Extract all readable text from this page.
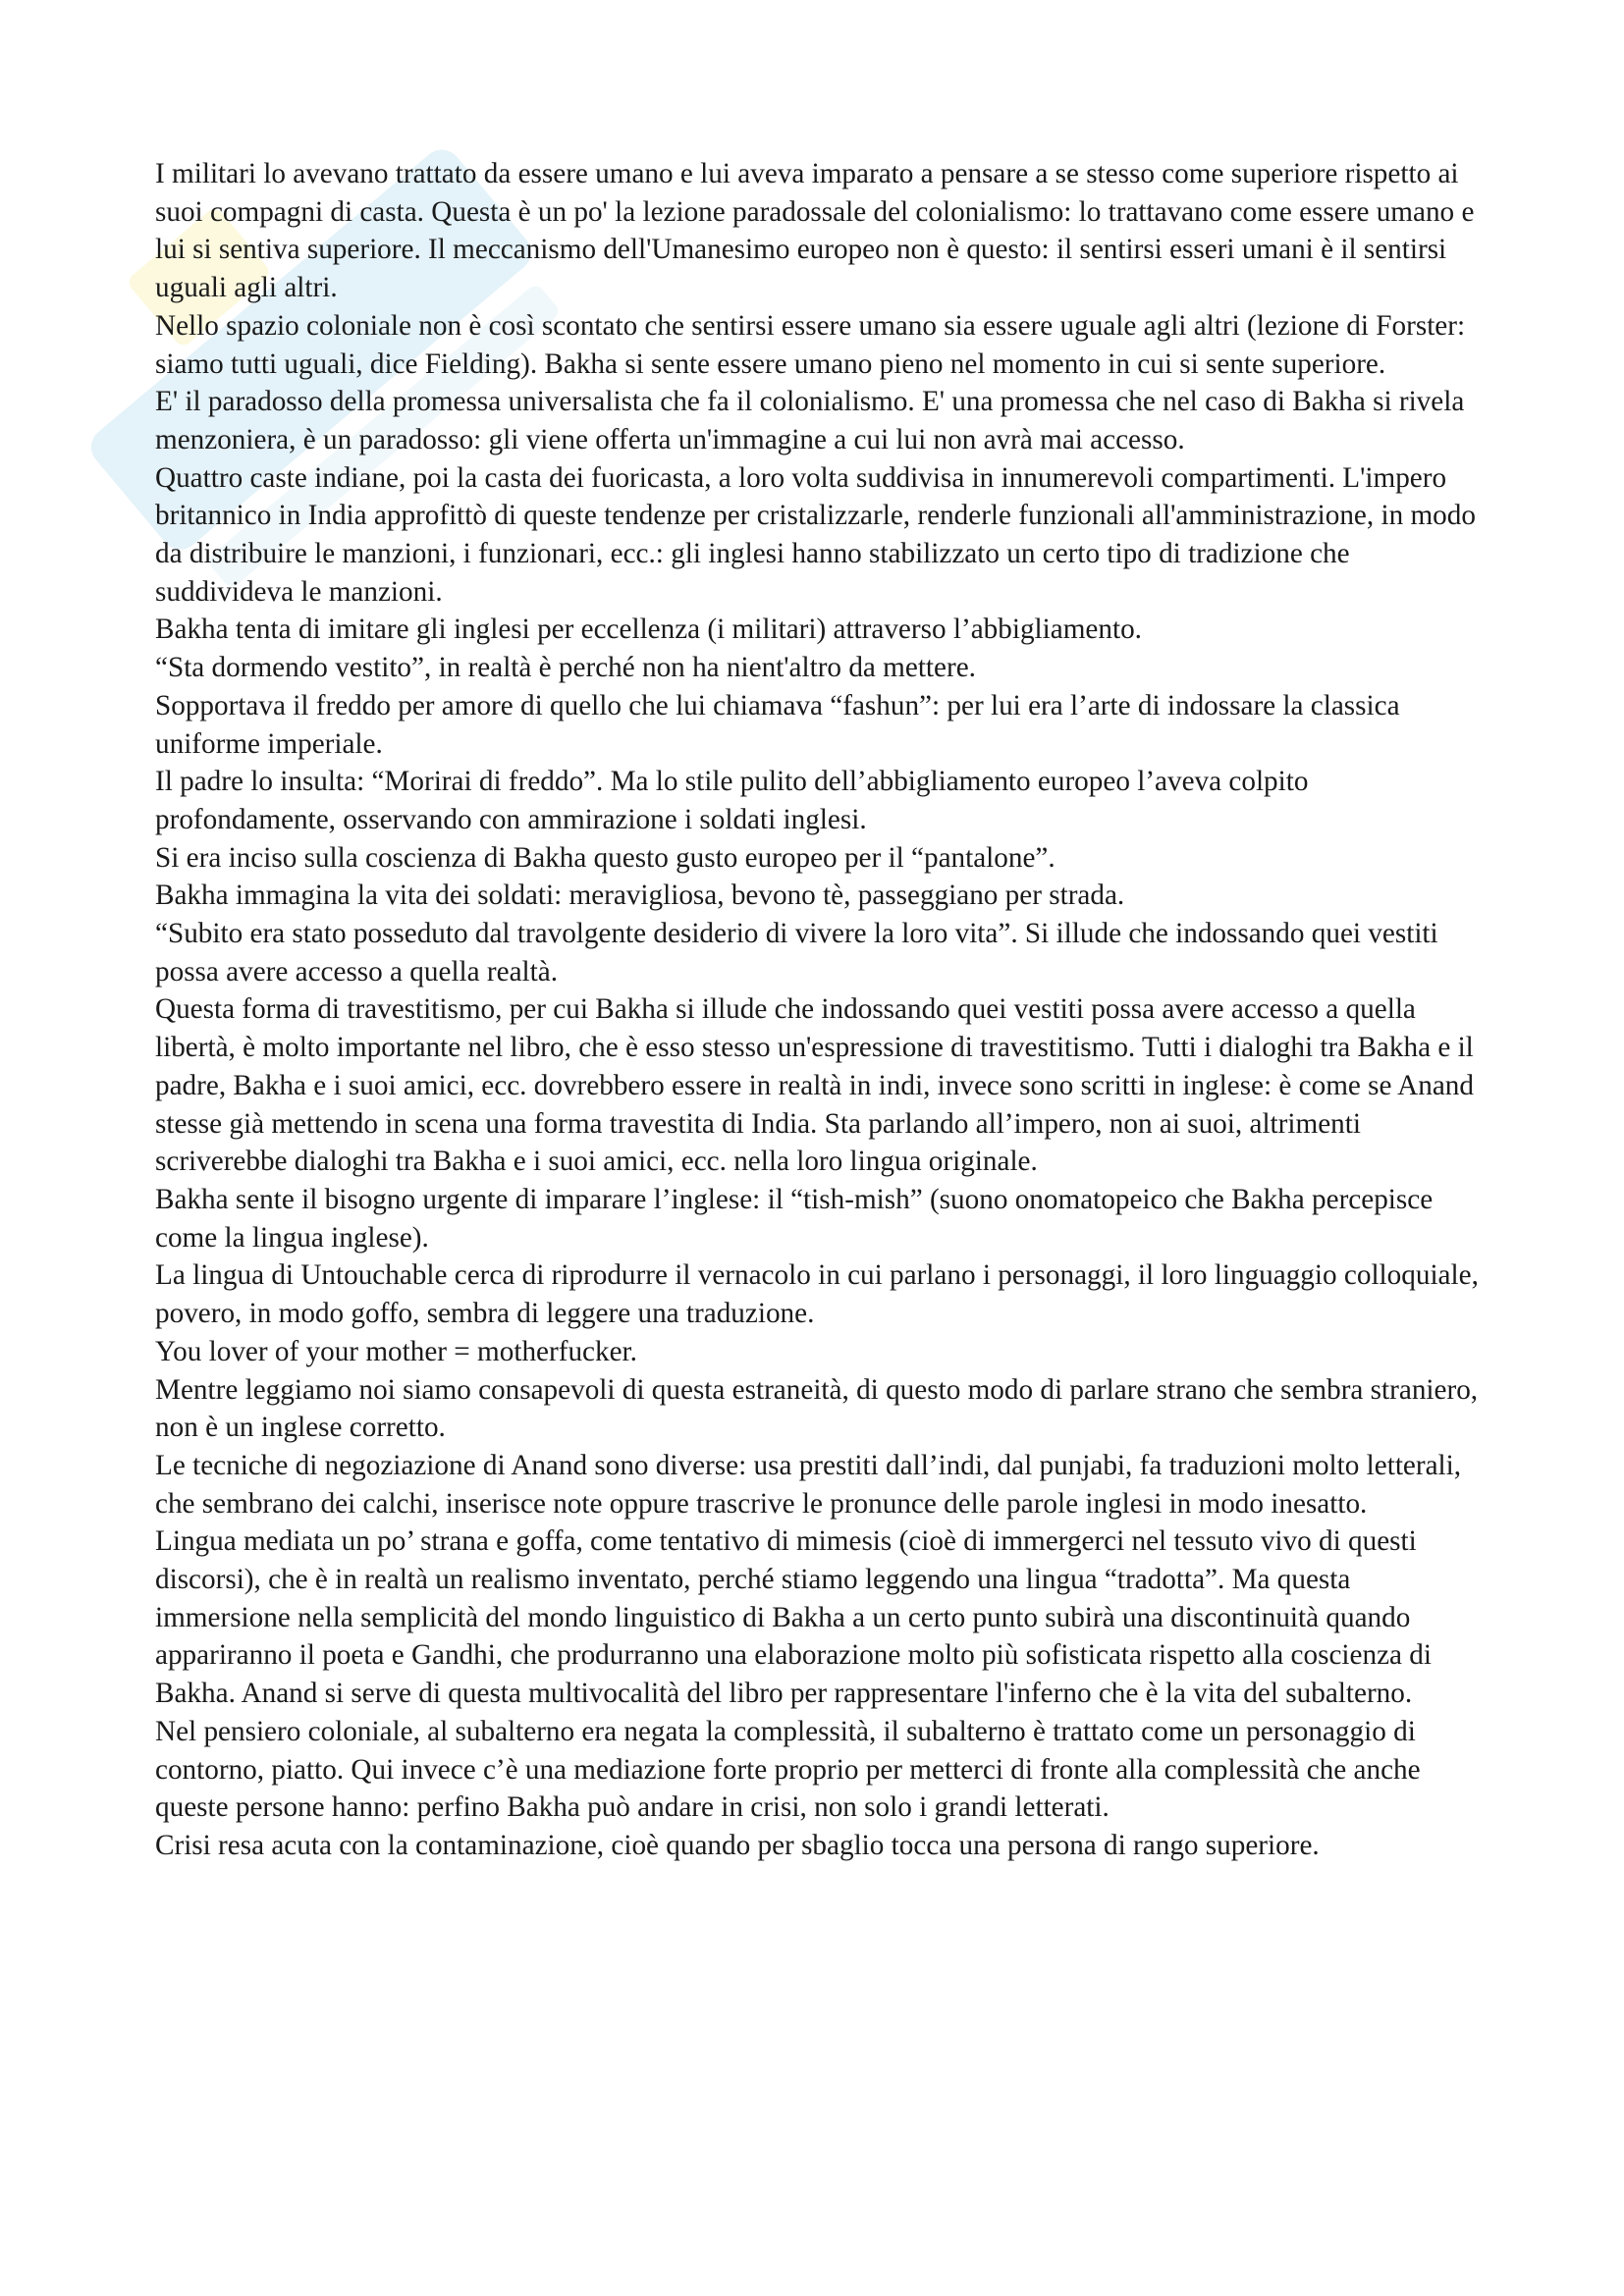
I militari lo avevano trattato da essere umano e lui aveva imparato a pensare a se stesso come superiore rispetto ai suoi compagni di casta. Questa è un po' la lezione paradossale del colonialismo: lo trattavano come essere umano e lui si sentiva superiore. Il meccanismo dell'Umanesimo europeo non è questo: il sentirsi esseri umani è il sentirsi uguali agli altri.

Nello spazio coloniale non è così scontato che sentirsi essere umano sia essere uguale agli altri (lezione di Forster: siamo tutti uguali, dice Fielding). Bakha si sente essere umano pieno nel momento in cui si sente superiore.

E' il paradosso della promessa universalista che fa il colonialismo. E' una promessa che nel caso di Bakha si rivela menzoniera, è un paradosso: gli viene offerta un'immagine a cui lui non avrà mai accesso.

Quattro caste indiane, poi la casta dei fuoricasta, a loro volta suddivisa in innumerevoli compartimenti. L'impero britannico in India approfittò di queste tendenze per cristalizzarle, renderle funzionali all'amministrazione, in modo da distribuire le manzioni, i funzionari, ecc.: gli inglesi hanno stabilizzato un certo tipo di tradizione che suddivideva le manzioni.

Bakha tenta di imitare gli inglesi per eccellenza (i militari) attraverso l’abbigliamento.

“Sta dormendo vestito”, in realtà è perché non ha nient'altro da mettere.

Sopportava il freddo per amore di quello che lui chiamava “fashun”: per lui era l’arte di indossare la classica uniforme imperiale.

Il padre lo insulta: “Morirai di freddo”. Ma lo stile pulito dell’abbigliamento europeo l’aveva colpito profondamente, osservando con ammirazione i soldati inglesi.

Si era inciso sulla coscienza di Bakha questo gusto europeo per il “pantalone”.

Bakha immagina la vita dei soldati: meravigliosa, bevono tè, passeggiano per strada.

“Subito era stato posseduto dal travolgente desiderio di vivere la loro vita”. Si illude che indossando quei vestiti possa avere accesso a quella realtà.

Questa forma di travestitismo, per cui Bakha si illude che indossando quei vestiti possa avere accesso a quella libertà, è molto importante nel libro, che è esso stesso un'espressione di travestitismo. Tutti i dialoghi tra Bakha e il padre, Bakha e i suoi amici, ecc. dovrebbero essere in realtà in indi, invece sono scritti in inglese: è come se Anand stesse già mettendo in scena una forma travestita di India. Sta parlando all’impero, non ai suoi, altrimenti scriverebbe dialoghi tra Bakha e i suoi amici, ecc. nella loro lingua originale.

Bakha sente il bisogno urgente di imparare l’inglese: il “tish-mish” (suono onomatopeico che Bakha percepisce come la lingua inglese).

La lingua di Untouchable cerca di riprodurre il vernacolo in cui parlano i personaggi, il loro linguaggio colloquiale, povero, in modo goffo, sembra di leggere una traduzione.

You lover of your mother = motherfucker.

Mentre leggiamo noi siamo consapevoli di questa estraneità, di questo modo di parlare strano che sembra straniero, non è un inglese corretto.

Le tecniche di negoziazione di Anand sono diverse: usa prestiti dall’indi, dal punjabi, fa traduzioni molto letterali, che sembrano dei calchi, inserisce note oppure trascrive le pronunce delle parole inglesi in modo inesatto.

Lingua mediata un po’ strana e goffa, come tentativo di mimesis (cioè di immergerci nel tessuto vivo di questi discorsi), che è in realtà un realismo inventato, perché stiamo leggendo una lingua “tradotta”. Ma questa immersione nella semplicità del mondo linguistico di Bakha a un certo punto subirà una discontinuità quando appariranno il poeta e Gandhi, che produrranno una elaborazione molto più sofisticata rispetto alla coscienza di Bakha. Anand si serve di questa multivocalità del libro per rappresentare l'inferno che è la vita del subalterno.

Nel pensiero coloniale, al subalterno era negata la complessità, il subalterno è trattato come un personaggio di contorno, piatto. Qui invece c’è una mediazione forte proprio per metterci di fronte alla complessità che anche queste persone hanno: perfino Bakha può andare in crisi, non solo i grandi letterati.

Crisi resa acuta con la contaminazione, cioè quando per sbaglio tocca una persona di rango superiore.
